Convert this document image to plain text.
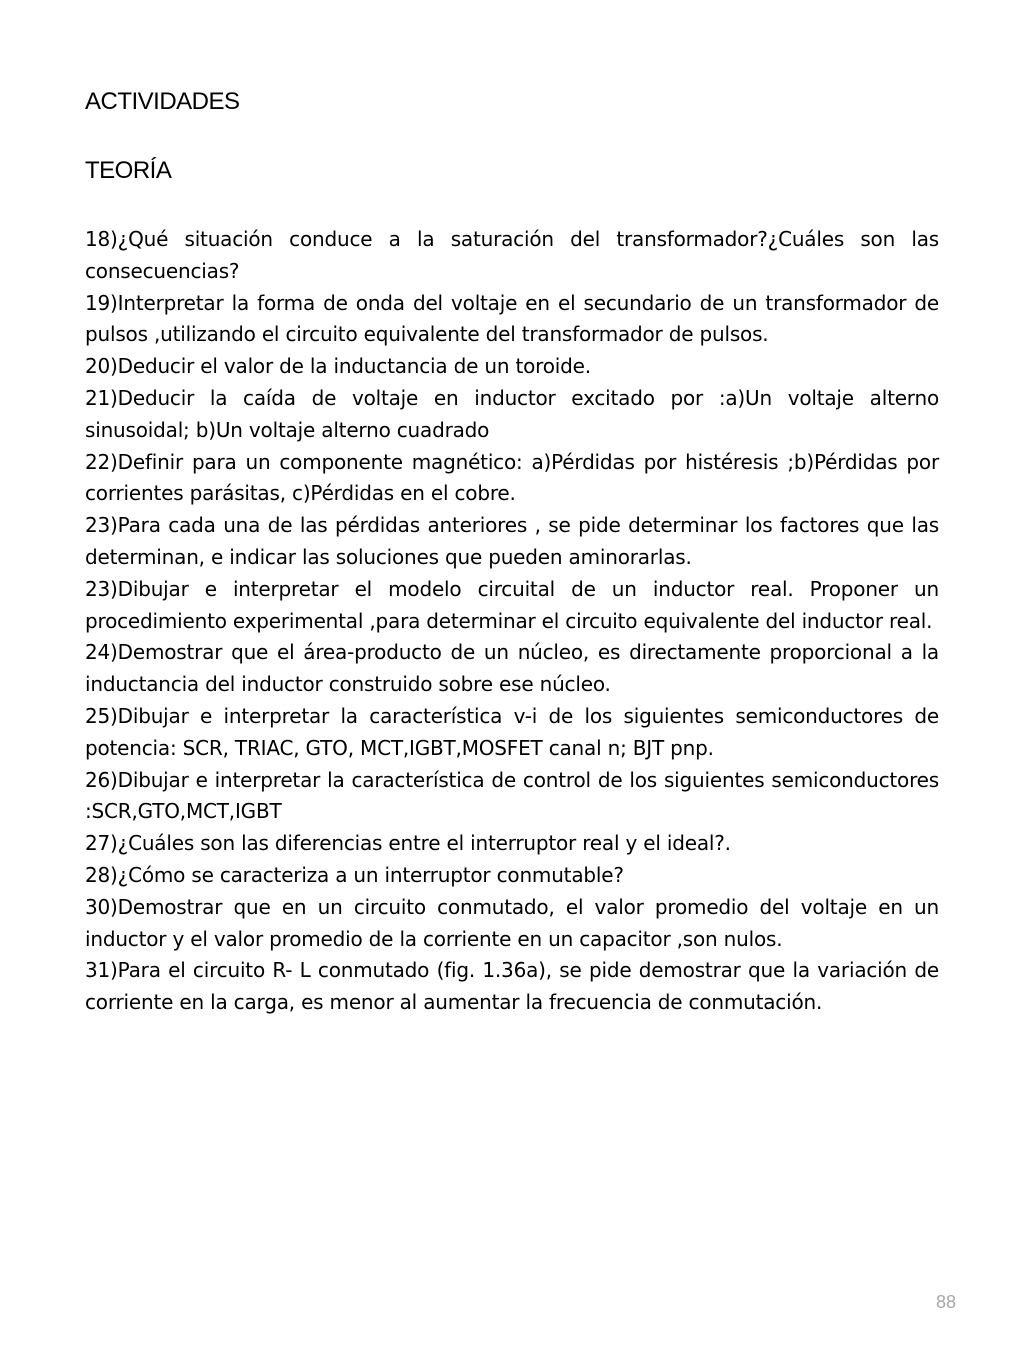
ACTIVIDADES
TEORÍA
18)¿Qué situación conduce a la saturación del transformador?¿Cuáles son las consecuencias?
19)Interpretar la forma de onda del voltaje en el secundario de un transformador de pulsos ,utilizando el circuito equivalente del transformador de pulsos.
20)Deducir el valor de la inductancia de un toroide.
21)Deducir la caída de voltaje en inductor excitado por :a)Un voltaje alterno sinusoidal; b)Un voltaje alterno cuadrado
22)Definir para un componente magnético: a)Pérdidas por histéresis ;b)Pérdidas por corrientes parásitas, c)Pérdidas en el cobre.
23)Para cada una de las pérdidas anteriores , se pide determinar los factores que las determinan, e indicar las soluciones que pueden aminorarlas.
23)Dibujar e interpretar el modelo circuital de un inductor real. Proponer un procedimiento experimental ,para determinar el circuito equivalente del inductor real.
24)Demostrar que el área-producto de un núcleo, es directamente proporcional a la inductancia del inductor construido sobre ese núcleo.
25)Dibujar e interpretar la característica v-i de los siguientes semiconductores de potencia: SCR, TRIAC, GTO, MCT,IGBT,MOSFET canal n; BJT pnp.
26)Dibujar e interpretar la característica de control de los siguientes semiconductores :SCR,GTO,MCT,IGBT
27)¿Cuáles son las diferencias entre el interruptor real y el ideal?.
28)¿Cómo se caracteriza a un interruptor conmutable?
30)Demostrar que en un circuito conmutado, el valor promedio del voltaje en un inductor y el valor promedio de la corriente en un capacitor ,son nulos.
31)Para el circuito R- L conmutado (fig. 1.36a), se pide demostrar que la variación de corriente en la carga, es menor al aumentar la frecuencia de conmutación.
88
